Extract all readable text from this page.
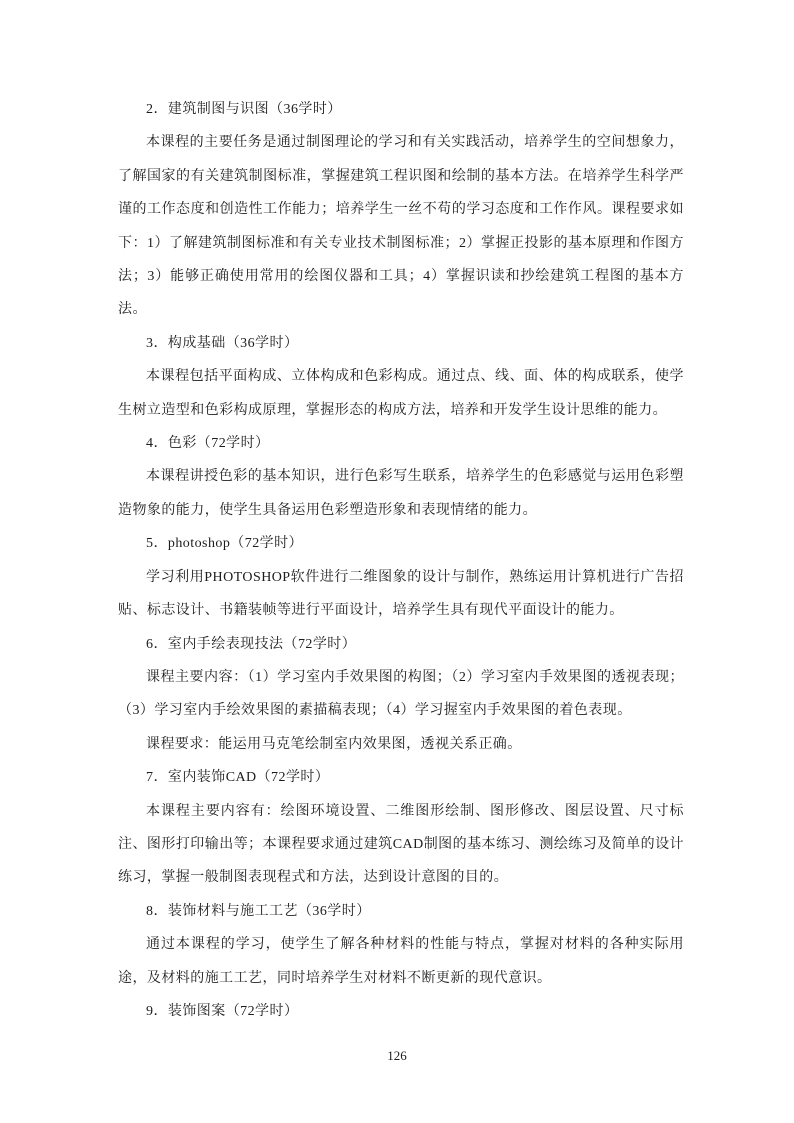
2．建筑制图与识图（36学时）

本课程的主要任务是通过制图理论的学习和有关实践活动，培养学生的空间想象力，了解国家的有关建筑制图标准，掌握建筑工程识图和绘制的基本方法。在培养学生科学严谨的工作态度和创造性工作能力；培养学生一丝不苟的学习态度和工作作风。课程要求如下：1）了解建筑制图标准和有关专业技术制图标准；2）掌握正投影的基本原理和作图方法；3）能够正确使用常用的绘图仪器和工具；4）掌握识读和抄绘建筑工程图的基本方法。

3．构成基础（36学时）

本课程包括平面构成、立体构成和色彩构成。通过点、线、面、体的构成联系，使学生树立造型和色彩构成原理，掌握形态的构成方法，培养和开发学生设计思维的能力。

4．色彩（72学时）

本课程讲授色彩的基本知识，进行色彩写生联系，培养学生的色彩感觉与运用色彩塑造物象的能力，使学生具备运用色彩塑造形象和表现情绪的能力。

5．photoshop（72学时）

学习利用PHOTOSHOP软件进行二维图象的设计与制作，熟练运用计算机进行广告招贴、标志设计、书籍装帧等进行平面设计，培养学生具有现代平面设计的能力。

6．室内手绘表现技法（72学时）

课程主要内容：（1）学习室内手效果图的构图；（2）学习室内手效果图的透视表现；（3）学习室内手绘效果图的素描稿表现；（4）学习握室内手效果图的着色表现。

课程要求：能运用马克笔绘制室内效果图，透视关系正确。

7．室内装饰CAD（72学时）

本课程主要内容有：绘图环境设置、二维图形绘制、图形修改、图层设置、尺寸标注、图形打印输出等；本课程要求通过建筑CAD制图的基本练习、测绘练习及简单的设计练习，掌握一般制图表现程式和方法，达到设计意图的目的。

8．装饰材料与施工工艺（36学时）

通过本课程的学习，使学生了解各种材料的性能与特点，掌握对材料的各种实际用途，及材料的施工工艺，同时培养学生对材料不断更新的现代意识。

9．装饰图案（72学时）

126
